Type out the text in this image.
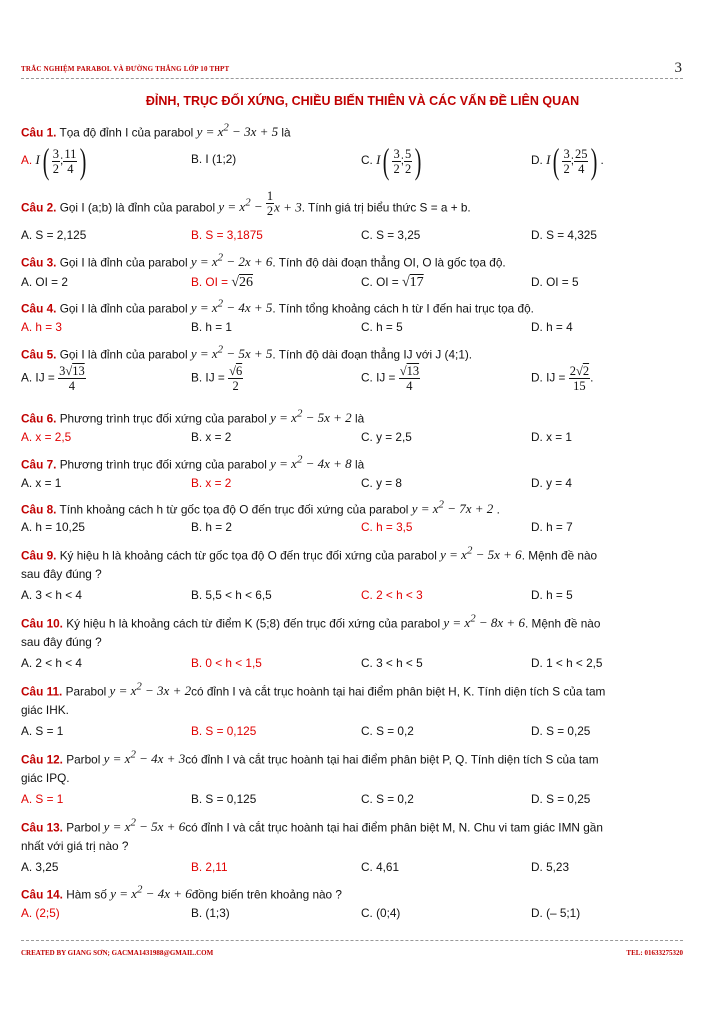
TRẮC NGHIỆM PARABOL VÀ ĐƯỜNG THẲNG LỚP 10 THPT	3
ĐỈNH, TRỤC ĐỐI XỨNG, CHIỀU BIẾN THIÊN VÀ CÁC VẤN ĐỀ LIÊN QUAN
Câu 1. Tọa độ đỉnh I của parabol $y = x^2 - 3x + 5$ là
A. $I( \frac{3}{2}$ ; $\frac{11}{4}$ )	B. I (1;2)	C. $I( \frac{3}{2}$ ; $\frac{5}{2}$ )	D. $I( \frac{3}{2}$ ; $\frac{25}{4}$ ) .
Câu 2. Gọi I (a;b) là đỉnh của parabol $y = x^2 - \frac{1}{2}$ x + 3. Tính giá trị biểu thức S = a + b.
A. S = 2,125	B. S = 3,1875	C. S = 3,25	D. S = 4,325
Câu 3. Gọi I là đỉnh của parabol $y = x^2 - 2x + 6$. Tính độ dài đoạn thẳng OI, O là gốc tọa độ.
A. OI = 2	B. OI = √26	C. OI = √17	D. OI = 5
Câu 4. Gọi I là đỉnh của parabol $y = x^2 - 4x + 5$. Tính tổng khoảng cách h từ I đến hai trục tọa độ.
A. h = 3	B. h = 1	C. h = 5	D. h = 4
Câu 5. Gọi I là đỉnh của parabol $y = x^2 - 5x + 5$. Tính độ dài đoạn thẳng IJ với J (4;1).
A. IJ = $\frac{3√13}{4}$	B. IJ = $\frac{√6}{2}$	C. IJ = $\frac{√13}{4}$	D. IJ = $\frac{2√2}{15}$ .
Câu 6. Phương trình trục đối xứng của parabol $y = x^2 - 5x + 2$ là
A. x = 2,5	B. x = 2	C. y = 2,5	D. x = 1
Câu 7. Phương trình trục đối xứng của parabol $y = x^2 - 4x + 8$ là
A. x = 1	B. x = 2	C. y = 8	D. y = 4
Câu 8. Tính khoảng cách h từ gốc tọa độ O đến trục đối xứng của parabol $y = x^2 - 7x + 2$ .
A. h = 10,25	B. h = 2	C. h = 3,5	D. h = 7
Câu 9. Ký hiệu h là khoảng cách từ gốc tọa độ O đến trục đối xứng của parabol $y = x^2 - 5x + 6$. Mệnh đề nào
sau đây đúng ?
A. 3 < h < 4	B. 5,5 < h < 6,5	C. 2 < h < 3	D. h = 5
Câu 10. Ký hiệu h là khoảng cách từ điểm K (5;8) đến trục đối xứng của parabol $y = x^2 - 8x + 6$. Mệnh đề nào
sau đây đúng ?
A. 2 < h < 4	B. 0 < h < 1,5	C. 3 < h < 5	D. 1 < h < 2,5
Câu 11. Parabol $y = x^2 - 3x$ + 2có đỉnh I và cắt trục hoành tại hai điểm phân biệt H, K. Tính diện tích S của tam
giác IHK.
A. S = 1	B. S = 0,125	C. S = 0,2	D. S = 0,25
Câu 12. Parbol $y = x^2 - 4x$ + 3có đỉnh I và cắt trục hoành tại hai điểm phân biệt P, Q. Tính diện tích S của tam
giác IPQ.
A. S = 1	B. S = 0,125	C. S = 0,2	D. S = 0,25
Câu 13. Parbol $y = x^2 - 5x$ + 6có đỉnh I và cắt trục hoành tại hai điểm phân biệt M, N. Chu vi tam giác IMN gần
nhất với giá trị nào ?
A. 3,25	B. 2,11	C. 4,61	D. 5,23
Câu 14. Hàm số $y = x^2 - 4x$ + 6đồng biến trên khoảng nào ?
A. (2;5)	B. (1;3)	C. (0;4)	D. (– 5;1)
CREATED BY GIANG SƠN; GACMA1431988@GMAIL.COM	TEL: 01633275320
